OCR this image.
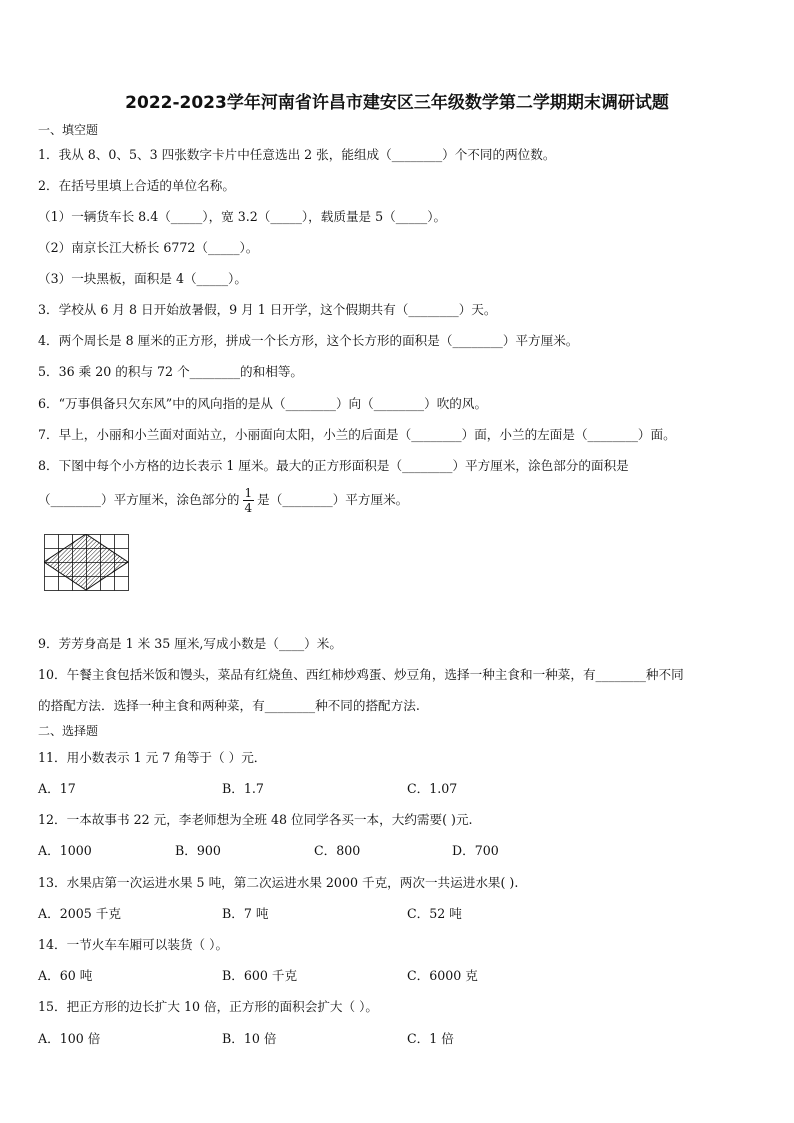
2022-2023学年河南省许昌市建安区三年级数学第二学期期末调研试题
一、填空题
1．我从 8、0、5、3 四张数字卡片中任意选出 2 张，能组成（________）个不同的两位数。
2．在括号里填上合适的单位名称。
（1）一辆货车长 8.4（_____），宽 3.2（_____），载质量是 5（_____）。
（2）南京长江大桥长 6772（_____）。
（3）一块黑板，面积是 4（_____）。
3．学校从 6 月 8 日开始放暑假，9 月 1 日开学，这个假期共有（________）天。
4．两个周长是 8 厘米的正方形，拼成一个长方形，这个长方形的面积是（________）平方厘米。
5．36 乘 20 的积与 72 个________的和相等。
6．“万事俱备只欠东风”中的风向指的是从（________）向（________）吹的风。
7．早上，小丽和小兰面对面站立，小丽面向太阳，小兰的后面是（________）面，小兰的左面是（________）面。
8．下图中每个小方格的边长表示 1 厘米。最大的正方形面积是（________）平方厘米，涂色部分的面积是
（________）平方厘米，涂色部分的 $\frac{1}{4}$ 是（________）平方厘米。
9．芳芳身高是 1 米 35 厘米,写成小数是（____）米。
10．午餐主食包括米饭和馒头，菜品有红烧鱼、西红柿炒鸡蛋、炒豆角，选择一种主食和一种菜，有________种不同
的搭配方法．选择一种主食和两种菜，有________种不同的搭配方法.
二、选择题
11．用小数表示 1 元 7 角等于（ ）元．
A．17	B．1.7	C．1.07
12．一本故事书 22 元，李老师想为全班 48 位同学各买一本，大约需要( )元.
A．1000	B．900	C．800	D．700
13．水果店第一次运进水果 5 吨，第二次运进水果 2000 千克，两次一共运进水果( ).
A．2005 千克	B．7 吨	C．52 吨
14．一节火车车厢可以装货（ ）。
A．60 吨	B．600 千克	C．6000 克
15．把正方形的边长扩大 10 倍，正方形的面积会扩大（ ）。
A．100 倍	B．10 倍	C．1 倍
